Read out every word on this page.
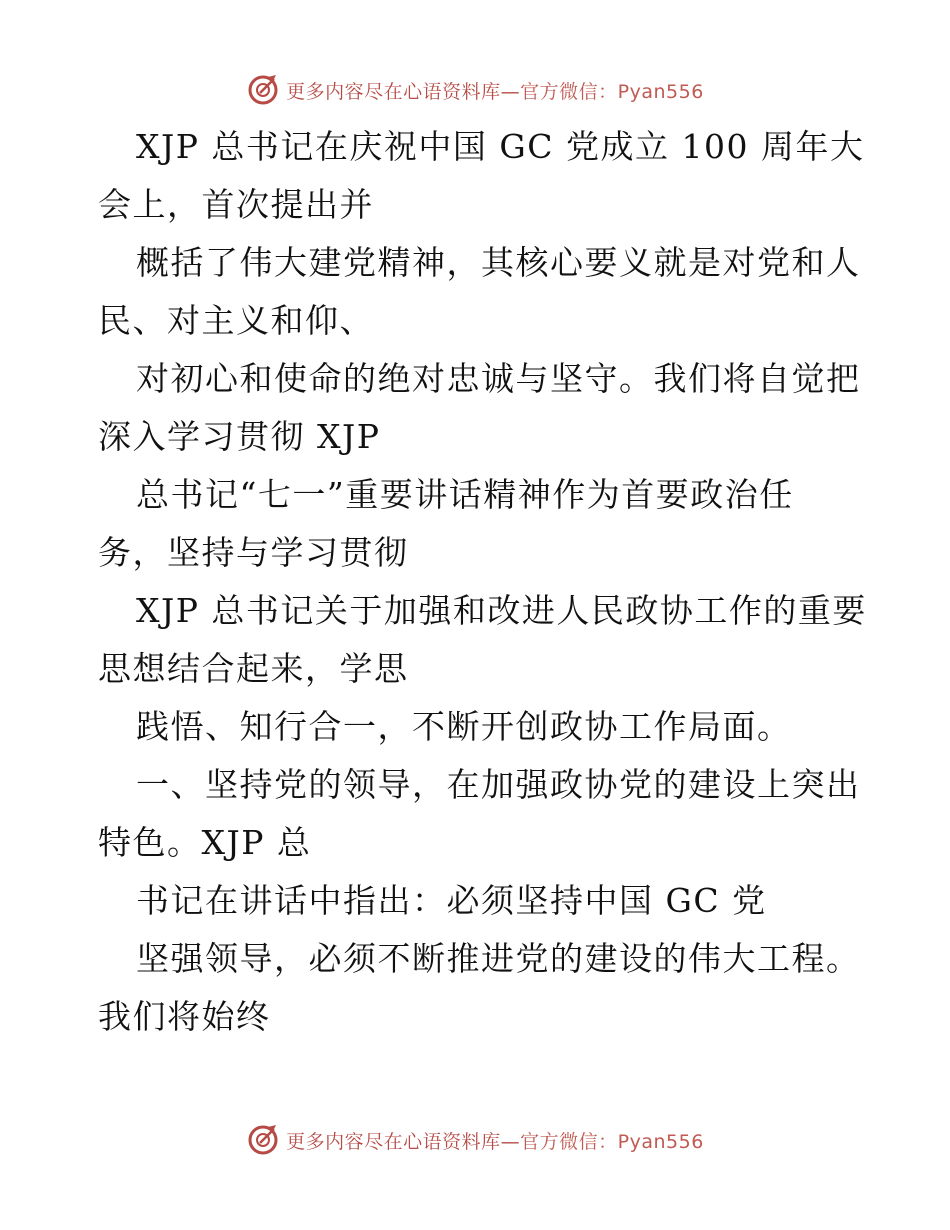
更多内容尽在心语资料库—官方微信：Pyan556
XJP 总书记在庆祝中国 GC 党成立 100 周年大
会上，首次提出并
概括了伟大建党精神，其核心要义就是对党和人
民、对主义和仰、
对初心和使命的绝对忠诚与坚守。我们将自觉把
深入学习贯彻 XJP
总书记“七一”重要讲话精神作为首要政治任
务，坚持与学习贯彻
XJP 总书记关于加强和改进人民政协工作的重要
思想结合起来，学思
践悟、知行合一，不断开创政协工作局面。
一、坚持党的领导，在加强政协党的建设上突出
特色。XJP 总
书记在讲话中指出：必须坚持中国 GC 党
坚强领导，必须不断推进党的建设的伟大工程。
我们将始终
更多内容尽在心语资料库—官方微信：Pyan556
